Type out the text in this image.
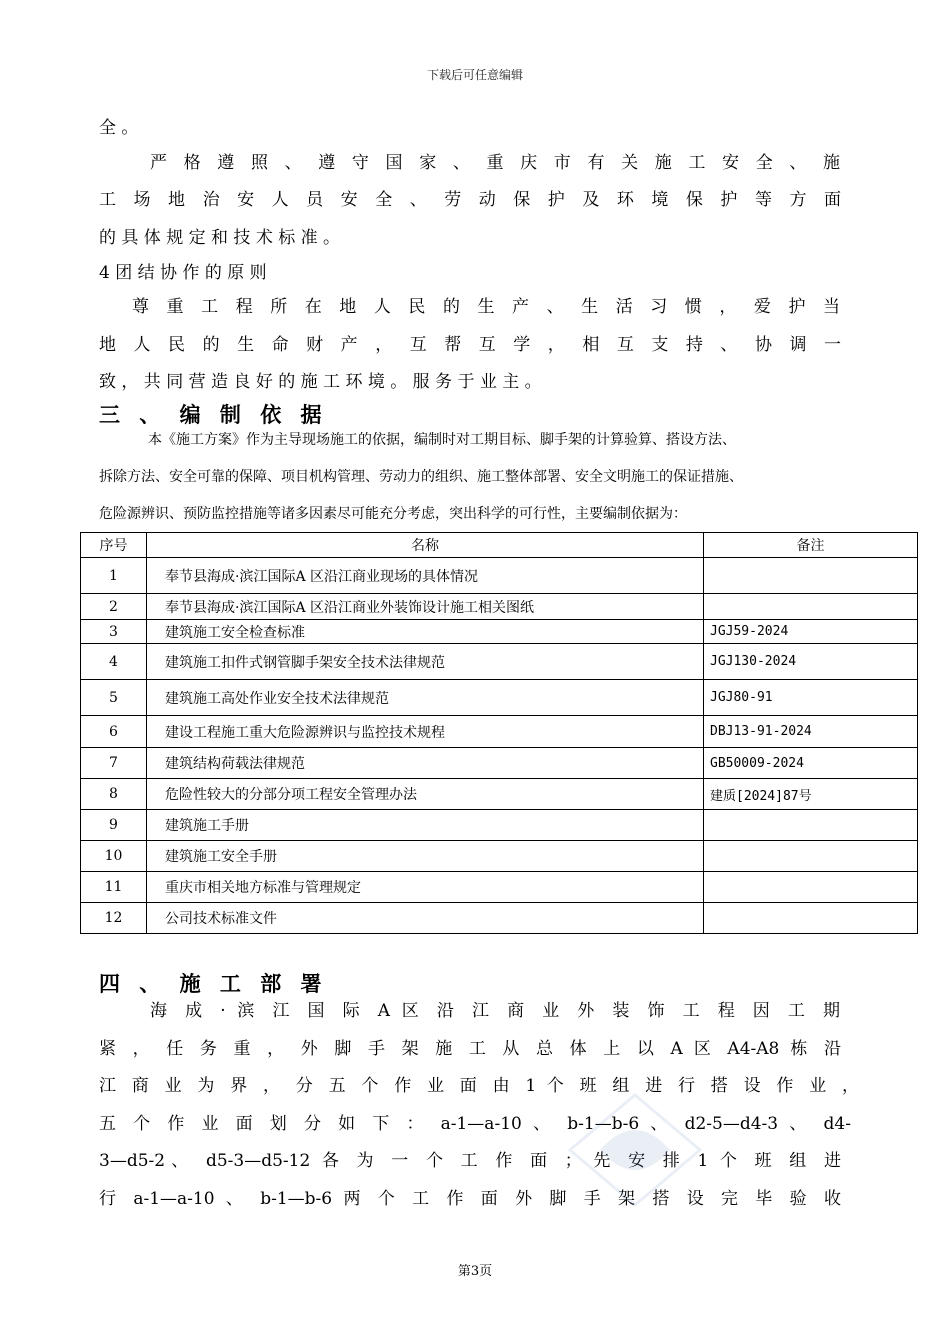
下载后可任意编辑
全 。
严 格 遵 照 、 遵 守 国 家 、 重 庆 市 有 关 施 工 安 全 、 施
工 场 地 治 安 人 员 安 全 、 劳 动 保 护 及 环 境 保 护 等 方 面
的 具 体 规 定 和 技 术 标 准 。
4 团 结 协 作 的 原 则
尊 重 工 程 所 在 地 人 民 的 生 产 、 生 活 习 惯 ， 爱 护 当
地 人 民 的 生 命 财 产 ， 互 帮 互 学 ， 相 互 支 持 、 协 调 一
致 ， 共 同 营 造 良 好 的 施 工 环 境 。 服 务 于 业 主 。
三 、 编 制 依 据
本《施工方案》作为主导现场施工的依据，编制时对工期目标、脚手架的计算验算、搭设方法、
拆除方法、安全可靠的保障、项目机构管理、劳动力的组织、施工整体部署、安全文明施工的保证措施、
危险源辨识、预防监控措施等诸多因素尽可能充分考虑，突出科学的可行性，主要编制依据为：
序号	名称	备注
1	奉节县海成·滨江国际A 区沿江商业现场的具体情况	
2	奉节县海成·滨江国际A 区沿江商业外装饰设计施工相关图纸	
3	建筑施工安全检查标准	JGJ59-2024
4	建筑施工扣件式钢管脚手架安全技术法律规范	JGJ130-2024
5	建筑施工高处作业安全技术法律规范	JGJ80-91
6	建设工程施工重大危险源辨识与监控技术规程	DBJ13-91-2024
7	建筑结构荷载法律规范	GB50009-2024
8	危险性较大的分部分项工程安全管理办法	建质[2024]87号
9	建筑施工手册	
10	建筑施工安全手册	
11	重庆市相关地方标准与管理规定	
12	公司技术标准文件	
四 、 施 工 部 署
海 成 · 滨 江 国 际 A 区 沿 江 商 业 外 装 饰 工 程 因 工 期
紧 ， 任 务 重 ， 外 脚 手 架 施 工 从 总 体 上 以 A 区 A4-A8 栋 沿
江 商 业 为 界 ， 分 五 个 作 业 面 由 1 个 班 组 进 行 搭 设 作 业 ，
五 个 作 业 面 划 分 如 下 ： a-1—a-10 、 b-1—b-6 、 d2-5—d4-3 、 d4-
3—d5-2、 d5-3—d5-12 各 为 一 个 工 作 面 ； 先 安 排 1 个 班 组 进
行 a-1—a-10 、 b-1—b-6 两 个 工 作 面 外 脚 手 架 搭 设 完 毕 验 收
第3页
